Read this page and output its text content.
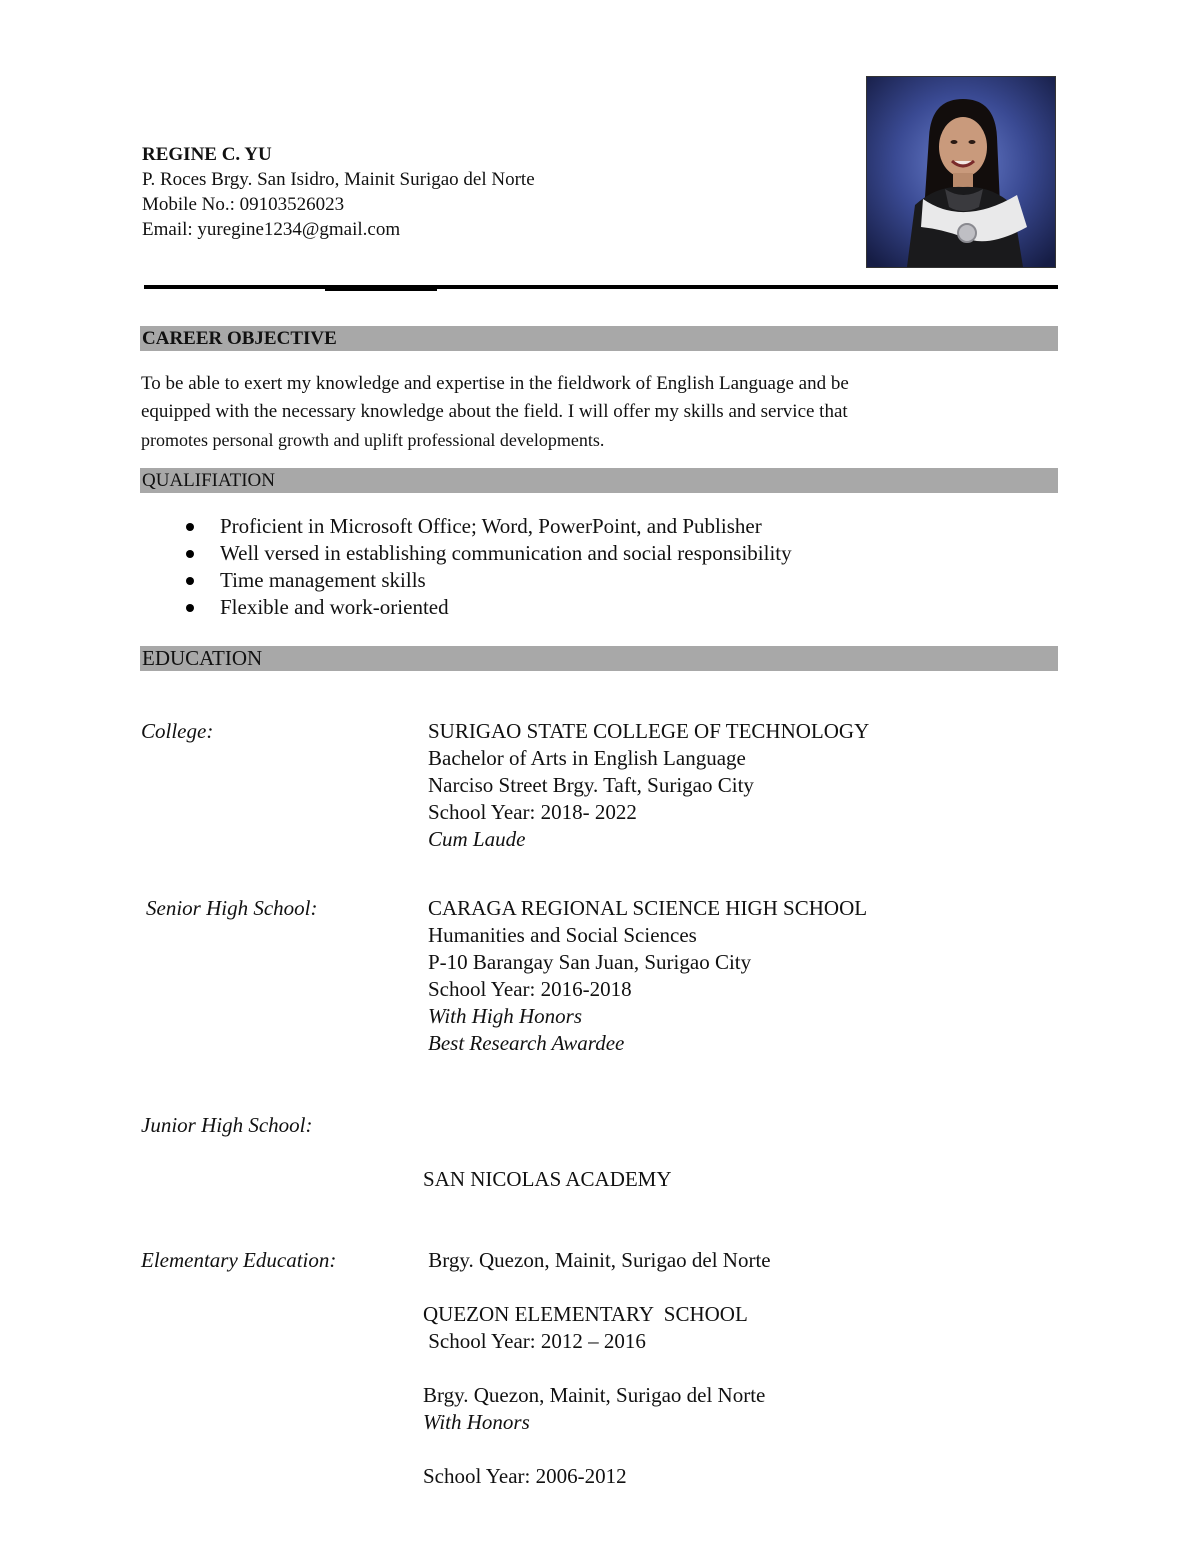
REGINE C. YU
P. Roces Brgy. San Isidro, Mainit Surigao del Norte
Mobile No.: 09103526023
Email: yuregine1234@gmail.com
CAREER OBJECTIVE
To be able to exert my knowledge and expertise in the fieldwork of English Language and be
equipped with the necessary knowledge about the field. I will offer my skills and service that
promotes personal growth and uplift professional developments.
QUALIFIATION
Proficient in Microsoft Office; Word, PowerPoint, and Publisher
Well versed in establishing communication and social responsibility
Time management skills
Flexible and work-oriented
EDUCATION
College:	SURIGAO STATE COLLEGE OF TECHNOLOGY
Bachelor of Arts in English Language
Narciso Street Brgy. Taft, Surigao City
School Year: 2018- 2022
Cum Laude
Senior High School:	CARAGA REGIONAL SCIENCE HIGH SCHOOL
Humanities and Social Sciences
P-10 Barangay San Juan, Surigao City
School Year: 2016-2018
With High Honors
Best Research Awardee
Junior High School:

SAN NICOLAS ACADEMY

Brgy. Quezon, Mainit, Surigao del Norte

School Year: 2012 – 2016

With Honors

Elementary Education:

QUEZON ELEMENTARY  SCHOOL

Brgy. Quezon, Mainit, Surigao del Norte

School Year: 2006-2012
